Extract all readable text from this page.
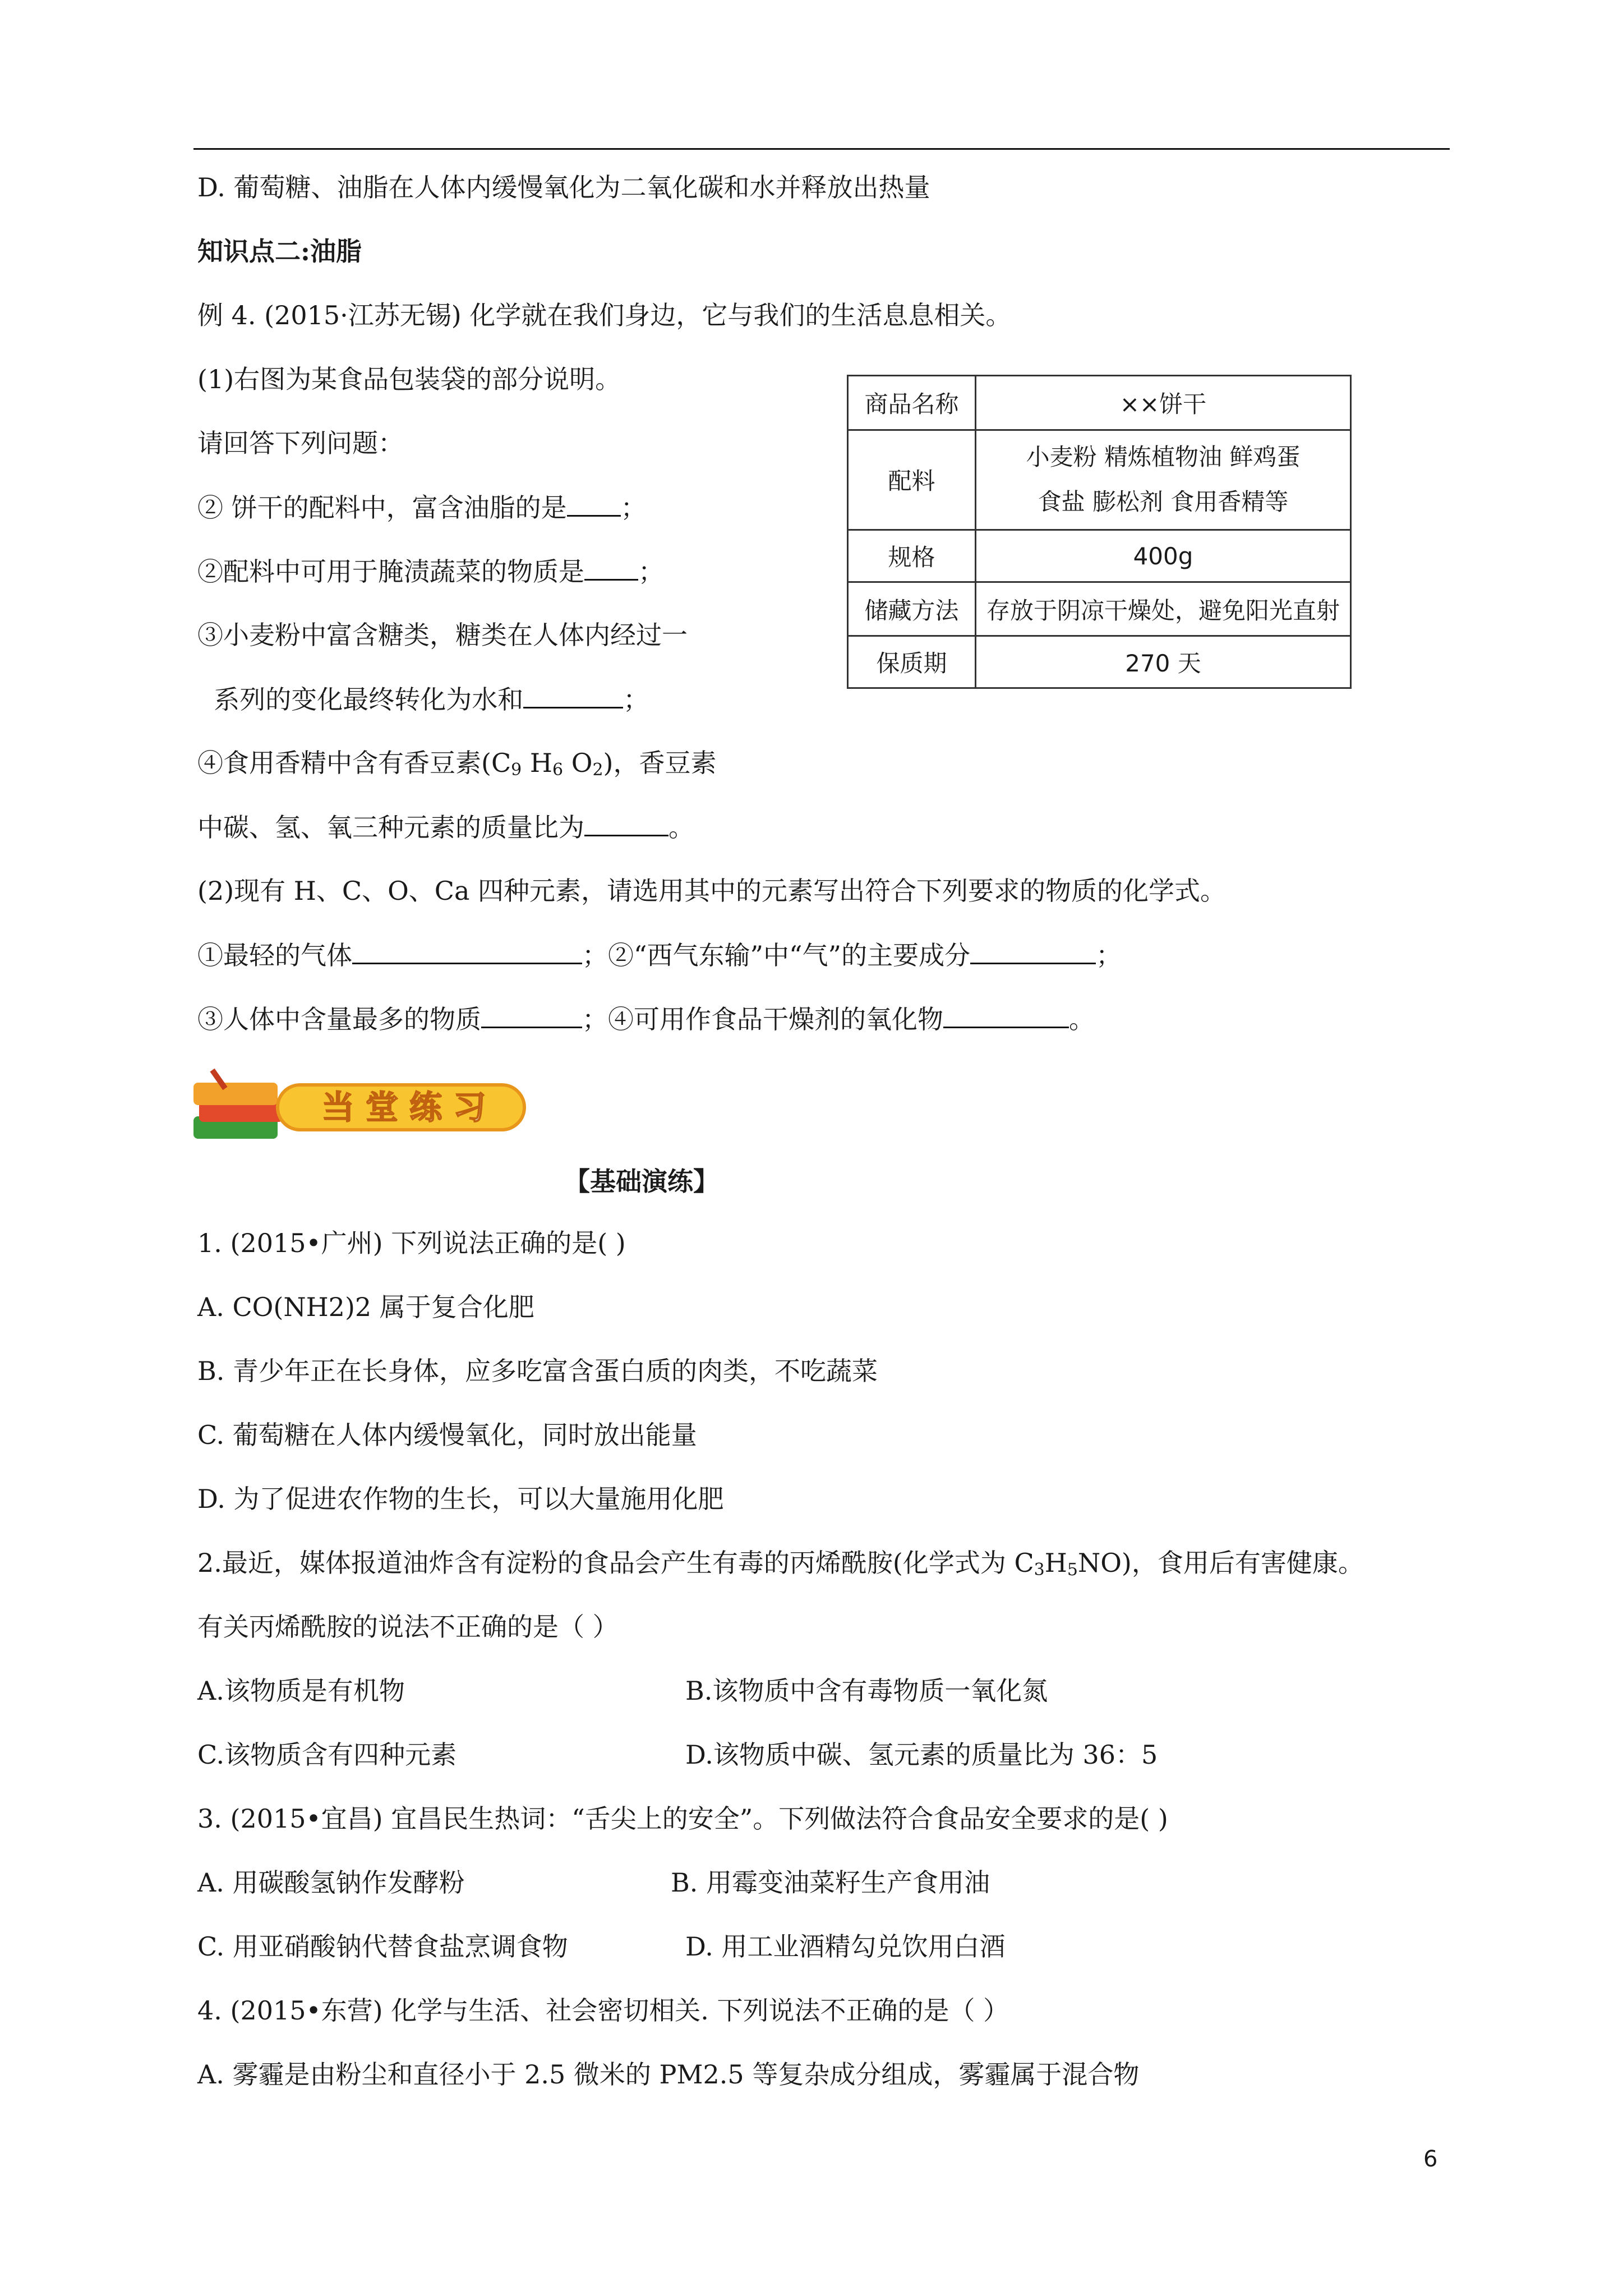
D. 葡萄糖、油脂在人体内缓慢氧化为二氧化碳和水并释放出热量
知识点二:油脂
例 4. (2015·江苏无锡) 化学就在我们身边，它与我们的生活息息相关。
(1)右图为某食品包装袋的部分说明。
请回答下列问题：
② 饼干的配料中，富含油脂的是 ；
②配料中可用于腌渍蔬菜的物质是 ；
③小麦粉中富含糖类，糖类在人体内经过一
系列的变化最终转化为水和	；
④食用香精中含有香豆素($C_9$ $H_6$ $O_2$)，香豆素
中碳、氢、氧三种元素的质量比为	。
(2)现有 H、C、O、Ca 四种元素，请选用其中的元素写出符合下列要求的物质的化学式。
①最轻的气体	；②“西气东输”中“气”的主要成分	；
③人体中含量最多的物质	；④可用作食品干燥剂的氧化物	。
商品名称	××饼干
配料	小麦粉 精炼植物油 鲜鸡蛋
食盐 膨松剂 食用香精等

规格	400g
储藏方法	存放于阴凉干燥处，避免阳光直射
保质期	270 天
当 堂 练 习
【基础演练】
1. (2015•广州) 下列说法正确的是( )
A. CO(NH2)2 属于复合化肥
B. 青少年正在长身体，应多吃富含蛋白质的肉类，不吃蔬菜
C. 葡萄糖在人体内缓慢氧化，同时放出能量
D. 为了促进农作物的生长，可以大量施用化肥
2.最近，媒体报道油炸含有淀粉的食品会产生有毒的丙烯酰胺(化学式为 $C_3H_5NO$)，食用后有害健康。
有关丙烯酰胺的说法不正确的是（ ）
A.该物质是有机物	B.该物质中含有毒物质一氧化氮
C.该物质含有四种元素	D.该物质中碳、氢元素的质量比为 36：5
3. (2015•宜昌) 宜昌民生热词：“舌尖上的安全”。下列做法符合食品安全要求的是( )
A. 用碳酸氢钠作发酵粉	B. 用霉变油菜籽生产食用油
C. 用亚硝酸钠代替食盐烹调食物	D. 用工业酒精勾兑饮用白酒
4. (2015•东营) 化学与生活、社会密切相关. 下列说法不正确的是（ ）
A. 雾霾是由粉尘和直径小于 2.5 微米的 PM2.5 等复杂成分组成，雾霾属于混合物
6
